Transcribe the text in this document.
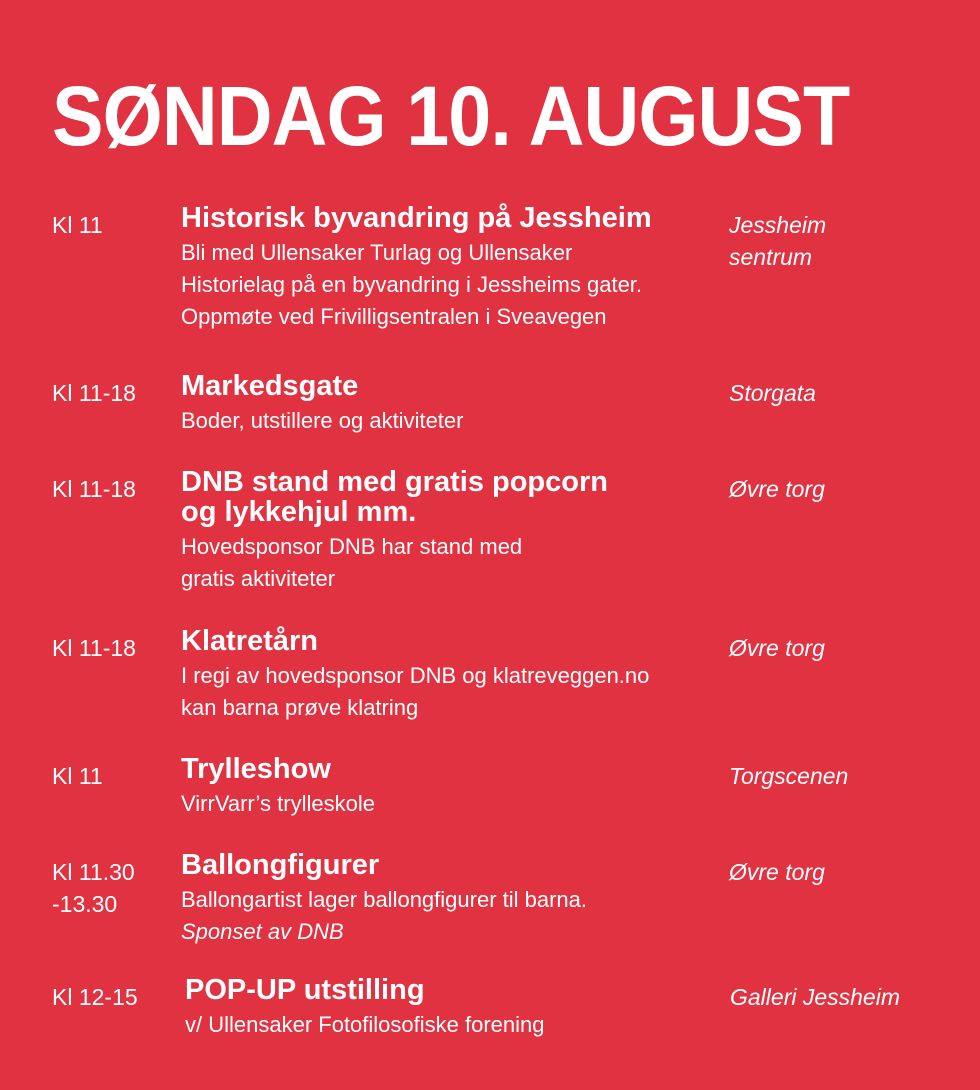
SØNDAG 10. AUGUST
Kl 11	Historisk byvandring på Jessheim
Bli med Ullensaker Turlag og Ullensaker
Historielag på en byvandring i Jessheims gater.
Oppmøte ved Frivilligsentralen i Sveavegen
Jessheim
sentrum
Kl 11-18 Markedsgate
Boder, utstillere og aktiviteter
Storgata
Kl 11-18 DNB stand med gratis popcorn
og lykkehjul mm.
Hovedsponsor DNB har stand med
gratis aktiviteter
Øvre torg
Kl 11-18 Klatretårn
I regi av hovedsponsor DNB og klatreveggen.no
kan barna prøve klatring
Øvre torg
Kl 11	Trylleshow
VirrVarr’s trylleskole
Torgscenen
Kl 11.30
-13.30
Ballongfigurer
Ballongartist lager ballongfigurer til barna.
Sponset av DNB
Øvre torg
Kl 12-15 POP-UP utstilling
v/ Ullensaker Fotofilosofiske forening
Galleri Jessheim
